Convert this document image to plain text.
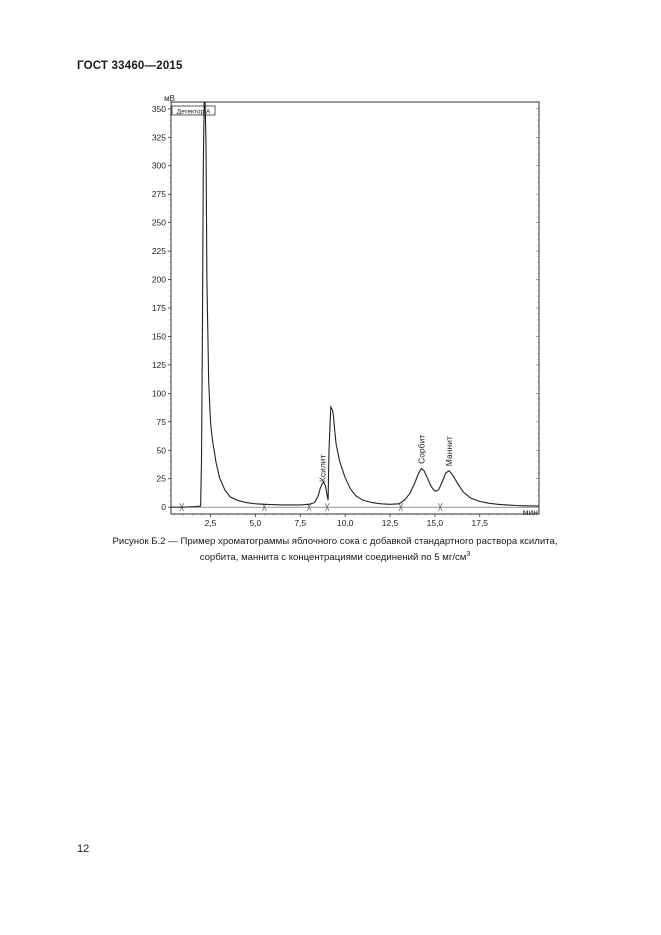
ГОСТ 33460—2015
0
25
50
75
100
125
150
175
200
225
250
275
300
325
350
2,5	5,0	7,5	10,0	12,5	15,0	17,5
мВ
мин
Детектор А
Ксилит
Сорбит Маннит
Рисунок Б.2 — Пример хроматограммы яблочного сока с добавкой стандартного раствора ксилита,
сорбита, маннита с концентрациями соединений по 5 $мг/см^3$
12
